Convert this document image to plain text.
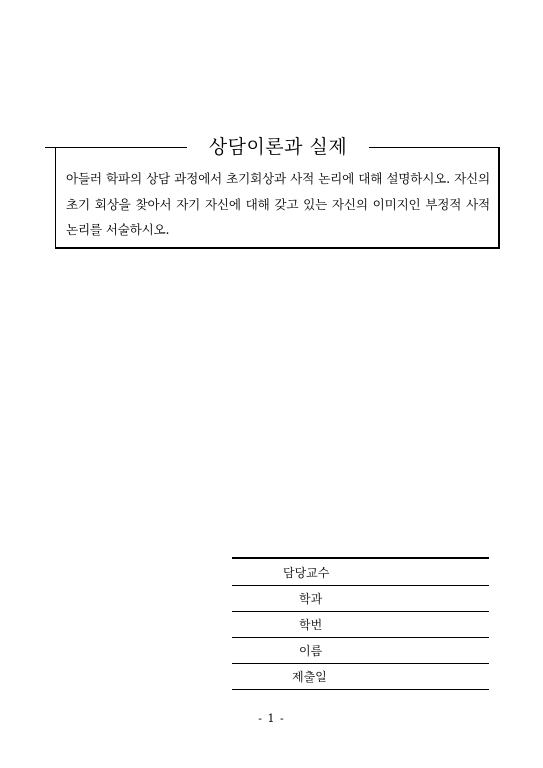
상담이론과 실제

아들러 학파의 상담 과정에서 초기회상과 사적 논리에 대해 설명하시오. 자신의 초기 회상을 찾아서 자기 자신에 대해 갖고 있는 자신의 이미지인 부정적 사적 논리를 서술하시오.

담당교수
학과
학번
이름
제출일
- 1 -
